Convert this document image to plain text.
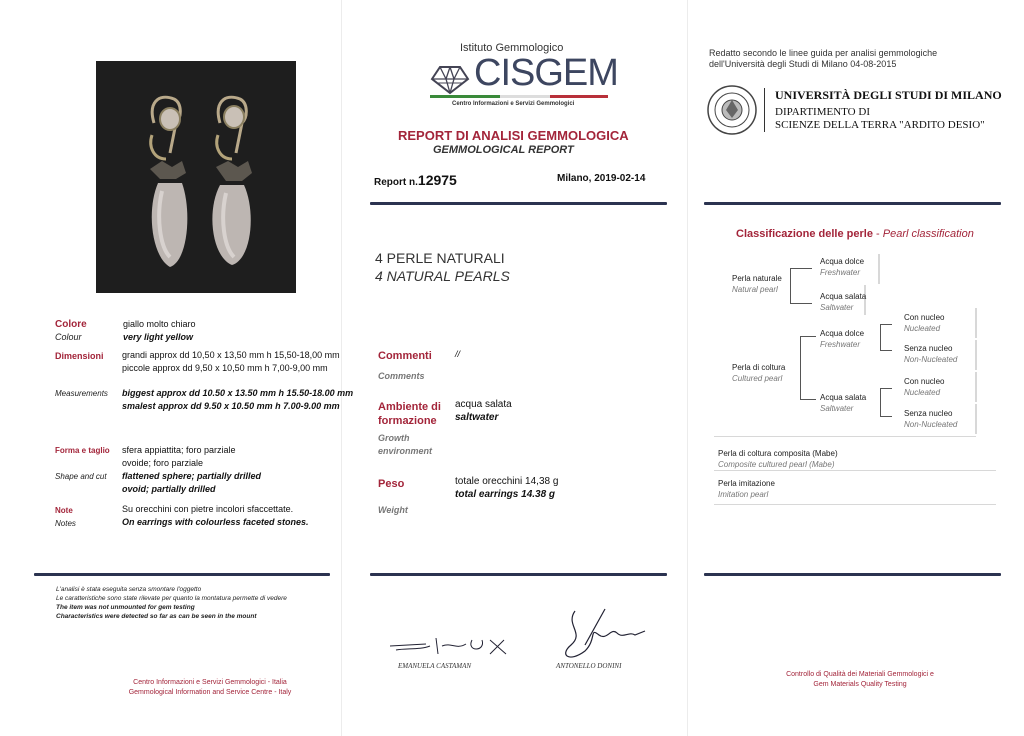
Colore
Colour
giallo molto chiaro
very light yellow
Dimensioni grandi approx dd 10,50 x 13,50 mm h 15,50-18,00 mm
piccole approx dd 9,50 x 10,50 mm h 7,00-9,00 mm
Measurements biggest approx dd 10.50 x 13.50 mm h 15.50-18.00 mm
smalest approx dd 9.50 x 10.50 mm h 7.00-9.00 mm
Forma e taglio
Shape and cut
sfera appiattita; foro parziale
ovoide; foro parziale
flattened sphere; partially drilled
ovoid; partially drilled
Note
Notes
Su orecchini con pietre incolori sfaccettate.
On earrings with colourless faceted stones.
L'analisi è stata eseguita senza smontare l'oggetto
Le caratteristiche sono state rilevate per quanto la montatura permette di vedere
The item was not unmounted for gem testing
Characteristics were detected so far as can be seen in the mount
Centro Informazioni e Servizi Gemmologici - Italia
Gemmological Information and Service Centre - Italy
Istituto Gemmologico
CISGEM
Centro Informazioni e Servizi Gemmologici
REPORT DI ANALISI GEMMOLOGICA
GEMMOLOGICAL REPORT
Report n.12975	Milano, 2019-02-14
4 PERLE NATURALI
4 NATURAL PEARLS
Commenti
Comments
//
Ambiente di
formazione
Growth
environment
acqua salata
saltwater
Peso
Weight
totale orecchini 14,38 g
total earrings 14.38 g
EMANUELA CASTAMAN	ANTONELLO DONINI
Redatto secondo le linee guida per analisi gemmologiche
dell'Università degli Studi di Milano 04-08-2015
UNIVERSITÀ DEGLI STUDI DI MILANO
DIPARTIMENTO DI
SCIENZE DELLA TERRA "ARDITO DESIO"
Classificazione delle perle - Pearl classification
Perla naturale
Natural pearl
Acqua dolce
Freshwater
Acqua salata
Saltwater
Perla di coltura
Cultured pearl
Acqua dolce
Freshwater
Acqua salata
Saltwater
Con nucleo
Nucleated
Senza nucleo
Non-Nucleated
Con nucleo
Nucleated
Senza nucleo
Non-Nucleated
Perla di coltura composita (Mabe)
Composite cultured pearl (Mabe)
Perla imitazione
Imitation pearl
Controllo di Qualità dei Materiali Gemmologici e
Gem Materials Quality Testing
